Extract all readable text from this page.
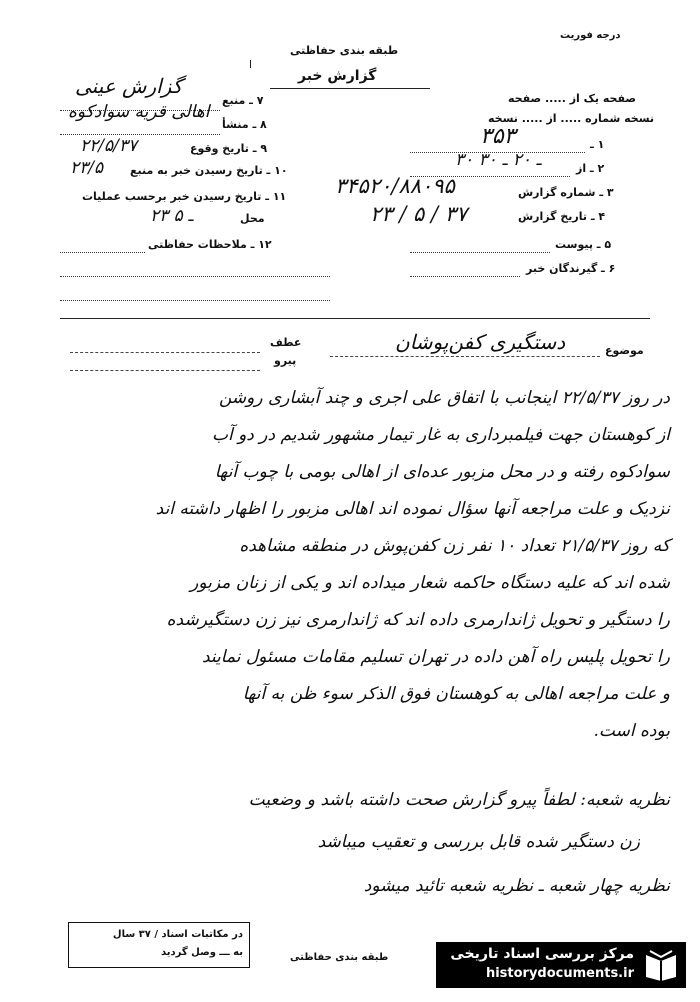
درجه فوریت
طبقه بندی حفاظتی
گزارش خبر
صفحه یک از ..... صفحه
نسخه شماره ..... از ..... نسخه
۱ ـ
۳۵۳
۲ ـ از
۳۰ ـ ۲۰ ـ ۳۰
۳ ـ شماره گزارش
۳۴۵۲۰/۸۸۰۹۵
۴ ـ تاریخ گزارش
۲۳ / ۵ / ۳۷
۵ ـ پیوست
۶ ـ گیرندگان خبر
۷ ـ منبع
گزارش عینی
۸ ـ منشأ
اهالی قریه سوادکوه
۹ ـ تاریخ وقوع
۲۲/۵/۳۷
۱۰ ـ تاریخ رسیدن خبر به منبع
۲۳/۵
۱۱ ـ تاریخ رسیدن خبر برحسب عملیات
محل
۲۳ ـ ۵
۱۲ ـ ملاحظات حفاظتی
موضوع
دستگیری کفن‌پوشان
عطف
پیرو
در روز ۲۲/۵/۳۷ اینجانب با اتفاق علی اجری و چند آبشاری روشن
از کوهستان جهت فیلمبرداری به غار تیمار مشهور شدیم در دو آب
سوادکوه رفته و در محل مزبور عده‌ای از اهالی بومی با چوب آنها
نزدیک و علت مراجعه آنها سؤال نموده اند اهالی مزبور را اظهار داشته اند
که روز ۲۱/۵/۳۷ تعداد ۱۰ نفر زن کفن‌پوش در منطقه مشاهده
شده اند که علیه دستگاه حاکمه شعار میداده اند و یکی از زنان مزبور
را دستگیر و تحویل ژاندارمری داده اند که ژاندارمری نیز زن دستگیرشده
را تحویل پلیس راه آهن داده در تهران تسلیم مقامات مسئول نمایند
و علت مراجعه اهالی به کوهستان فوق الذکر سوء ظن به آنها
بوده است.
نظریه شعبه: لطفاً پیرو گزارش صحت داشته باشد و وضعیت
زن دستگیر شده قابل بررسی و تعقیب میباشد
نظریه چهار شعبه ـ نظریه شعبه تائید میشود
در مکاتبات اسناد / ۳۷ سال
به ـــ وصل گردید	طبقه بندی حفاظتی	مرکز بررسی اسناد تاریخی
historydocuments.ir
